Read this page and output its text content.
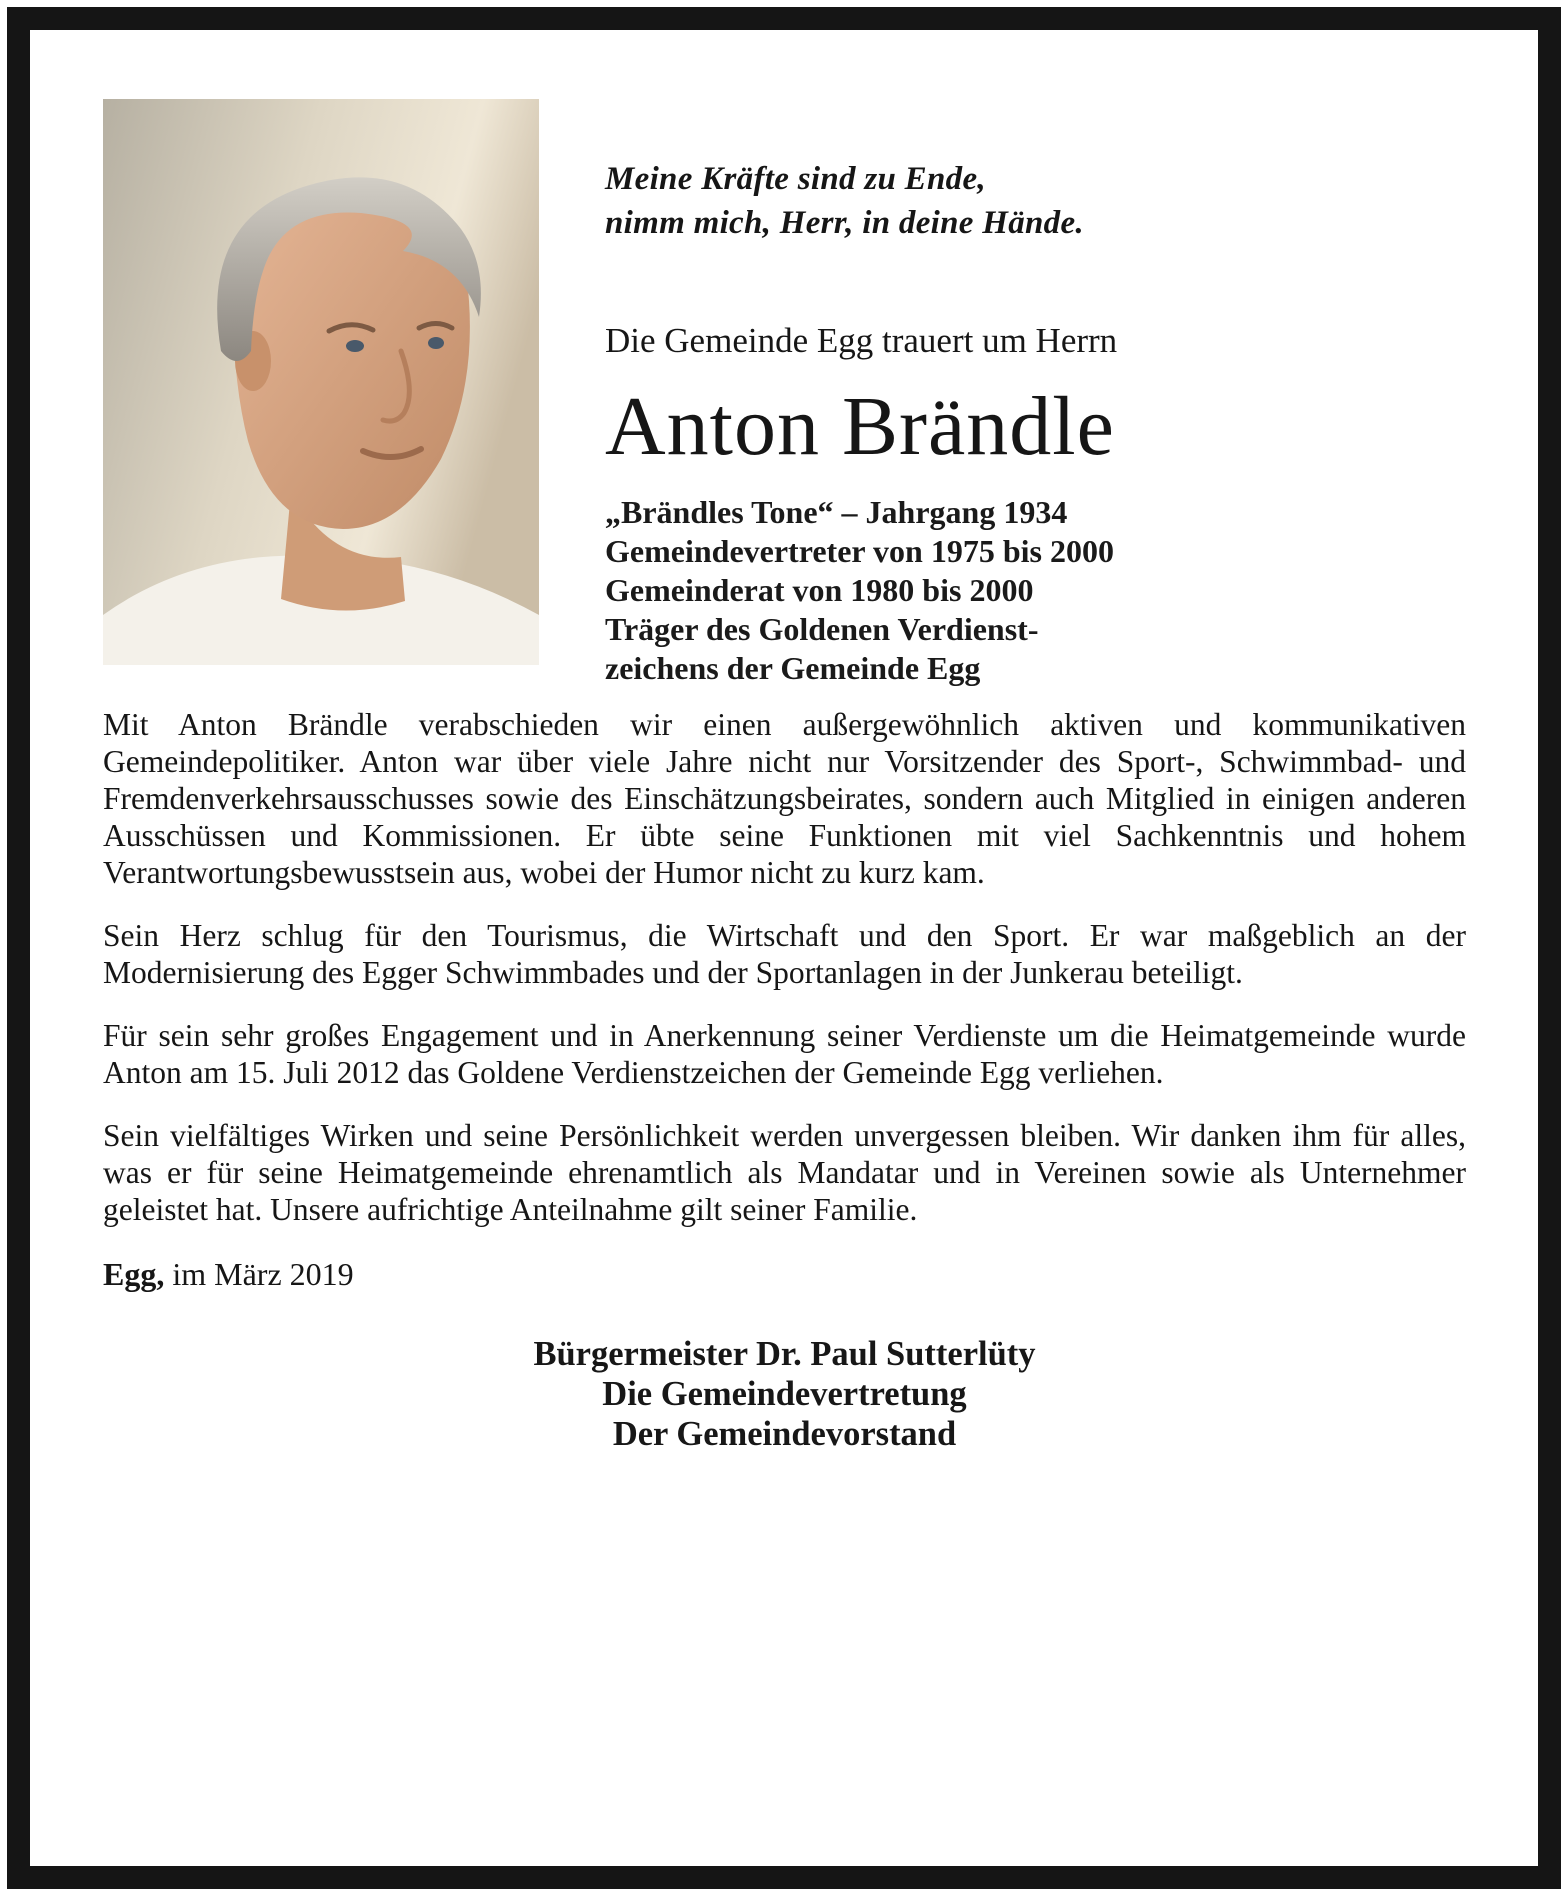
Meine Kräfte sind zu Ende,
nimm mich, Herr, in deine Hände.
Die Gemeinde Egg trauert um Herrn
Anton Brändle
„Brändles Tone“ – Jahrgang 1934
Gemeindevertreter von 1975 bis 2000
Gemeinderat von 1980 bis 2000
Träger des Goldenen Verdienst-
zeichens der Gemeinde Egg

Mit Anton Brändle verabschieden wir einen außergewöhnlich aktiven und kommunikativen Gemeindepolitiker. Anton war über viele Jahre nicht nur Vorsitzender des Sport-, Schwimmbad- und Fremdenverkehrsausschusses sowie des Einschätzungsbeirates, sondern auch Mitglied in einigen anderen Ausschüssen und Kommissionen. Er übte seine Funktionen mit viel Sachkenntnis und hohem Verantwortungsbewusstsein aus, wobei der Humor nicht zu kurz kam.

Sein Herz schlug für den Tourismus, die Wirtschaft und den Sport. Er war maßgeblich an der Modernisierung des Egger Schwimmbades und der Sportanlagen in der Junkerau beteiligt.

Für sein sehr großes Engagement und in Anerkennung seiner Verdienste um die Heimatgemeinde wurde Anton am 15. Juli 2012 das Goldene Verdienstzeichen der Gemeinde Egg verliehen.

Sein vielfältiges Wirken und seine Persönlichkeit werden unvergessen bleiben. Wir danken ihm für alles, was er für seine Heimatgemeinde ehrenamtlich als Mandatar und in Vereinen sowie als Unternehmer geleistet hat. Unsere aufrichtige Anteilnahme gilt seiner Familie.

Egg, im März 2019

Bürgermeister Dr. Paul Sutterlüty
Die Gemeindevertretung
Der Gemeindevorstand
